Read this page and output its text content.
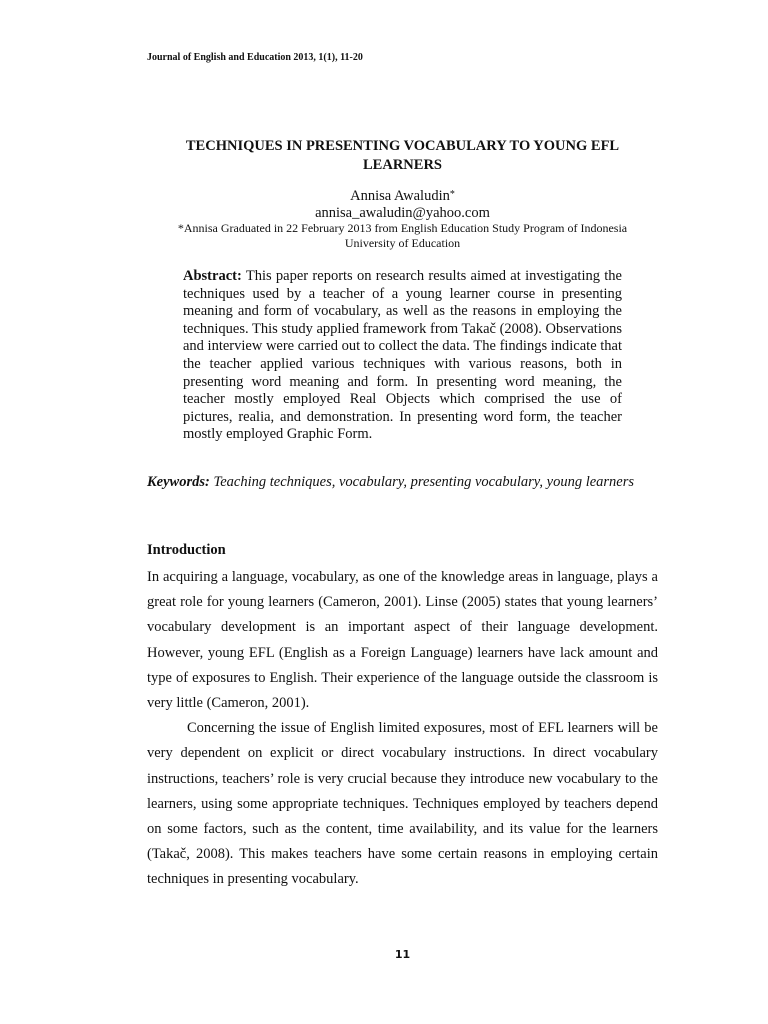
Journal of English and Education 2013, 1(1), 11-20
TECHNIQUES IN PRESENTING VOCABULARY TO YOUNG EFL
LEARNERS
Annisa Awaludin*
annisa_awaludin@yahoo.com
*Annisa Graduated in 22 February 2013 from English Education Study Program of Indonesia
University of Education
Abstract: This paper reports on research results aimed at investigating the techniques used by a teacher of a young learner course in presenting meaning and form of vocabulary, as well as the reasons in employing the techniques. This study applied framework from Takač (2008). Observations and interview were carried out to collect the data. The findings indicate that the teacher applied various techniques with various reasons, both in presenting word meaning and form. In presenting word meaning, the teacher mostly employed Real Objects which comprised the use of pictures, realia, and demonstration. In presenting word form, the teacher mostly employed Graphic Form.
Keywords: Teaching techniques, vocabulary, presenting vocabulary, young learners
Introduction

In acquiring a language, vocabulary, as one of the knowledge areas in language, plays a great role for young learners (Cameron, 2001). Linse (2005) states that young learners’ vocabulary development is an important aspect of their language development. However, young EFL (English as a Foreign Language) learners have lack amount and type of exposures to English. Their experience of the language outside the classroom is very little (Cameron, 2001).

Concerning the issue of English limited exposures, most of EFL learners will be very dependent on explicit or direct vocabulary instructions. In direct vocabulary instructions, teachers’ role is very crucial because they introduce new vocabulary to the learners, using some appropriate techniques. Techniques employed by teachers depend on some factors, such as the content, time availability, and its value for the learners (Takač, 2008). This makes teachers have some certain reasons in employing certain techniques in presenting vocabulary.

11
